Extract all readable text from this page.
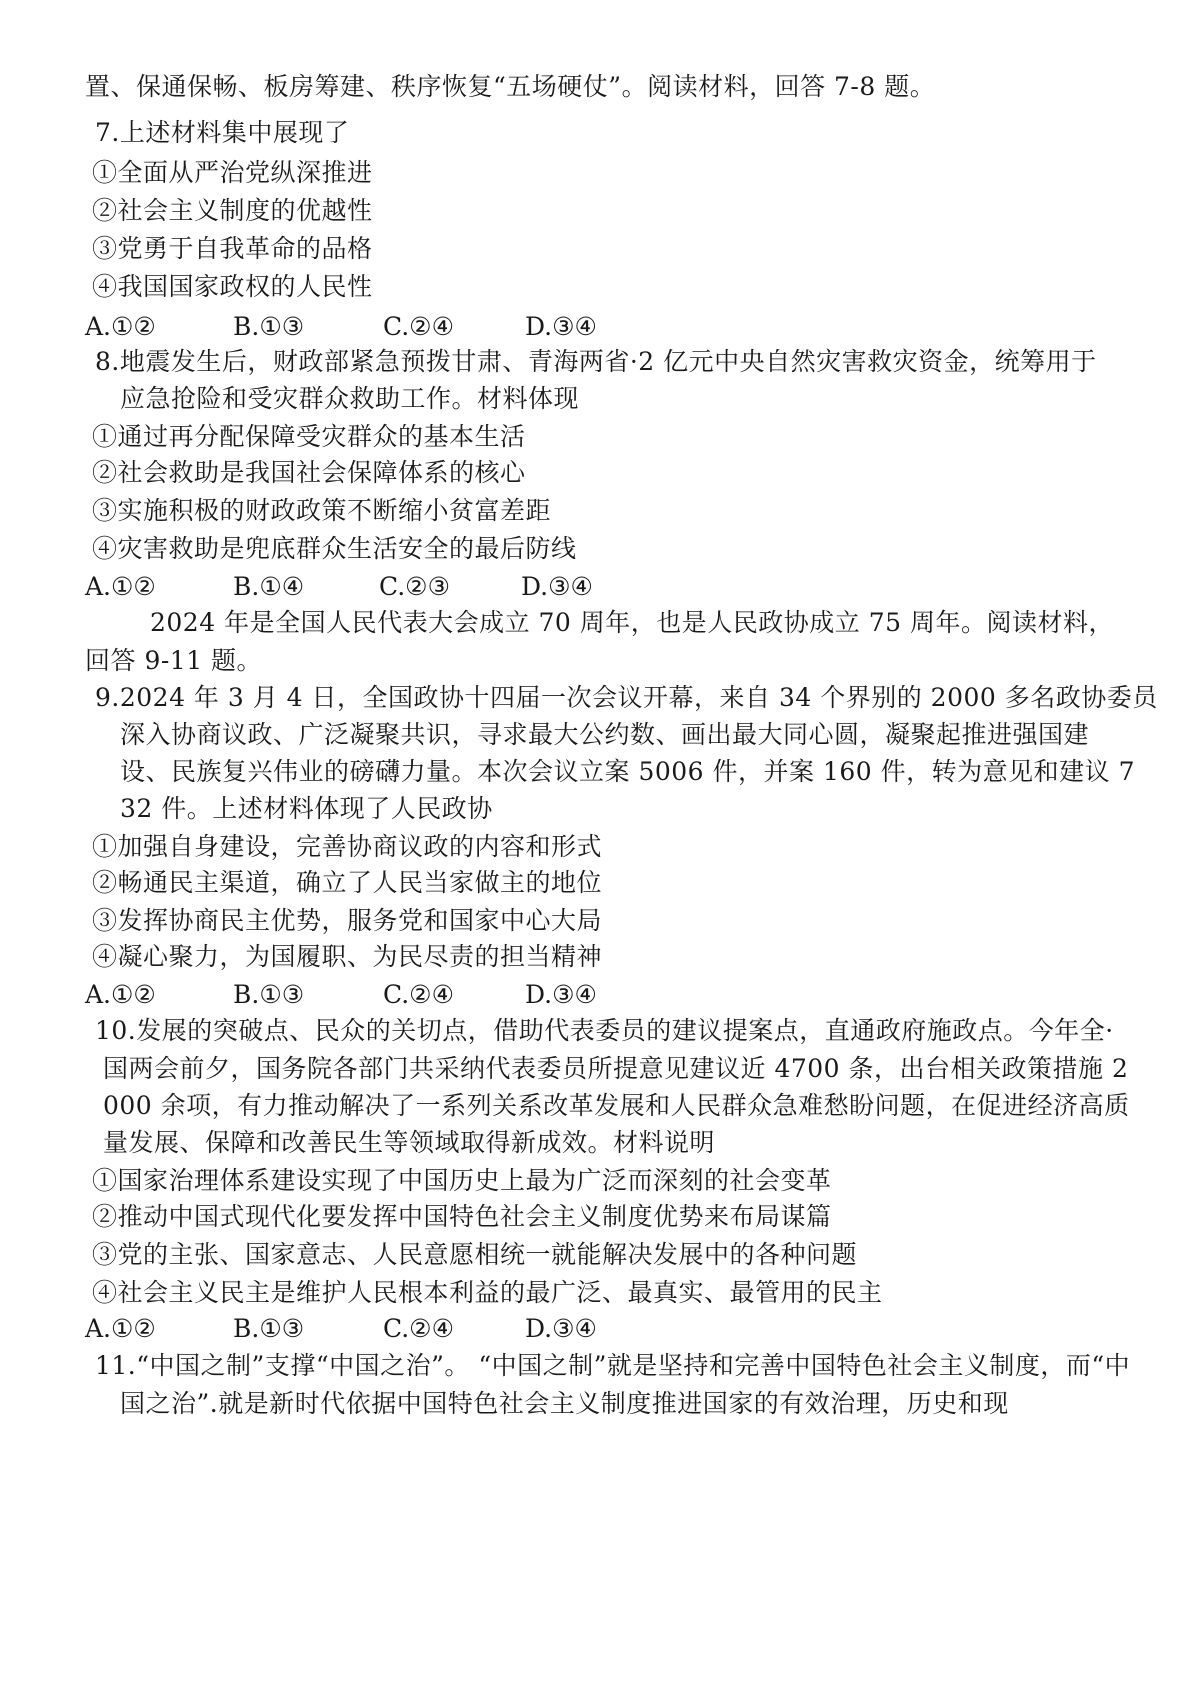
置、保通保畅、板房筹建、秩序恢复“五场硬仗”。阅读材料，回答 7-8 题。
7.上述材料集中展现了
①全面从严治党纵深推进
②社会主义制度的优越性
③党勇于自我革命的品格
④我国国家政权的人民性
A.①②	B.①③	C.②④	D.③④
8.地震发生后，财政部紧急预拨甘肃、青海两省·2 亿元中央自然灾害救灾资金，统筹用于
应急抢险和受灾群众救助工作。材料体现
①通过再分配保障受灾群众的基本生活
②社会救助是我国社会保障体系的核心
③实施积极的财政政策不断缩小贫富差距
④灾害救助是兜底群众生活安全的最后防线
A.①②	B.①④	C.②③	D.③④
2024 年是全国人民代表大会成立 70 周年，也是人民政协成立 75 周年。阅读材料，
回答 9-11 题。
9.2024 年 3 月 4 日，全国政协十四届一次会议开幕，来自 34 个界别的 2000 多名政协委员
深入协商议政、广泛凝聚共识，寻求最大公约数、画出最大同心圆，凝聚起推进强国建
设、民族复兴伟业的磅礴力量。本次会议立案 5006 件，并案 160 件，转为意见和建议 7
32 件。上述材料体现了人民政协
①加强自身建设，完善协商议政的内容和形式
②畅通民主渠道，确立了人民当家做主的地位
③发挥协商民主优势，服务党和国家中心大局
④凝心聚力，为国履职、为民尽责的担当精神
A.①②	B.①③	C.②④	D.③④
10.发展的突破点、民众的关切点，借助代表委员的建议提案点，直通政府施政点。今年全·
国两会前夕，国务院各部门共采纳代表委员所提意见建议近 4700 条，出台相关政策措施 2
000 余项，有力推动解决了一系列关系改革发展和人民群众急难愁盼问题，在促进经济高质
量发展、保障和改善民生等领域取得新成效。材料说明
①国家治理体系建设实现了中国历史上最为广泛而深刻的社会变革
②推动中国式现代化要发挥中国特色社会主义制度优势来布局谋篇
③党的主张、国家意志、人民意愿相统一就能解决发展中的各种问题
④社会主义民主是维护人民根本利益的最广泛、最真实、最管用的民主
A.①②	B.①③	C.②④	D.③④
11.“中国之制”支撑“中国之治”。 “中国之制”就是坚持和完善中国特色社会主义制度，而“中
国之治”.就是新时代依据中国特色社会主义制度推进国家的有效治理，历史和现
